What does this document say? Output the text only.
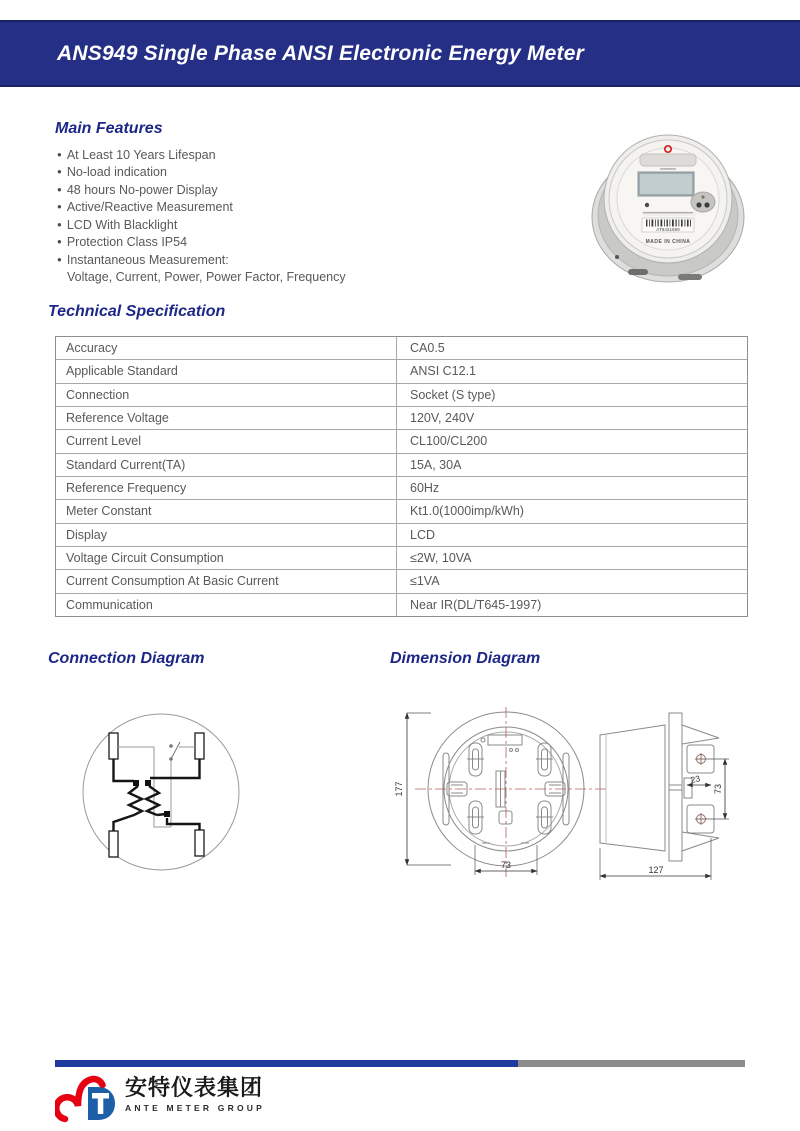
ANS949 Single Phase ANSI Electronic Energy Meter
Main Features
● At Least 10 Years Lifespan
● No-load indication
● 48 hours No-power Display
● Active/Reactive Measurement
● LCD With Blacklight
● Protection Class IP54
● Instantaneous Measurement:
Voltage, Current, Power, Power Factor, Frequency
AT9431669
MADE IN CHINA
Technical Specification
Accuracy	CA0.5
Applicable Standard	ANSI C12.1
Connection	Socket (S type)
Reference Voltage	120V, 240V
Current Level	CL100/CL200
Standard Current(TA)	15A, 30A
Reference Frequency	60Hz
Meter Constant	Kt1.0(1000imp/kWh)
Display	LCD
Voltage Circuit Consumption	≤2W, 10VA
Current Consumption At Basic Current	≤1VA
Communication	Near IR(DL/T645-1997)
Connection Diagram	Dimension Diagram
177
73
23
73
127
安特仪表集团
ANTE METER GROUP
